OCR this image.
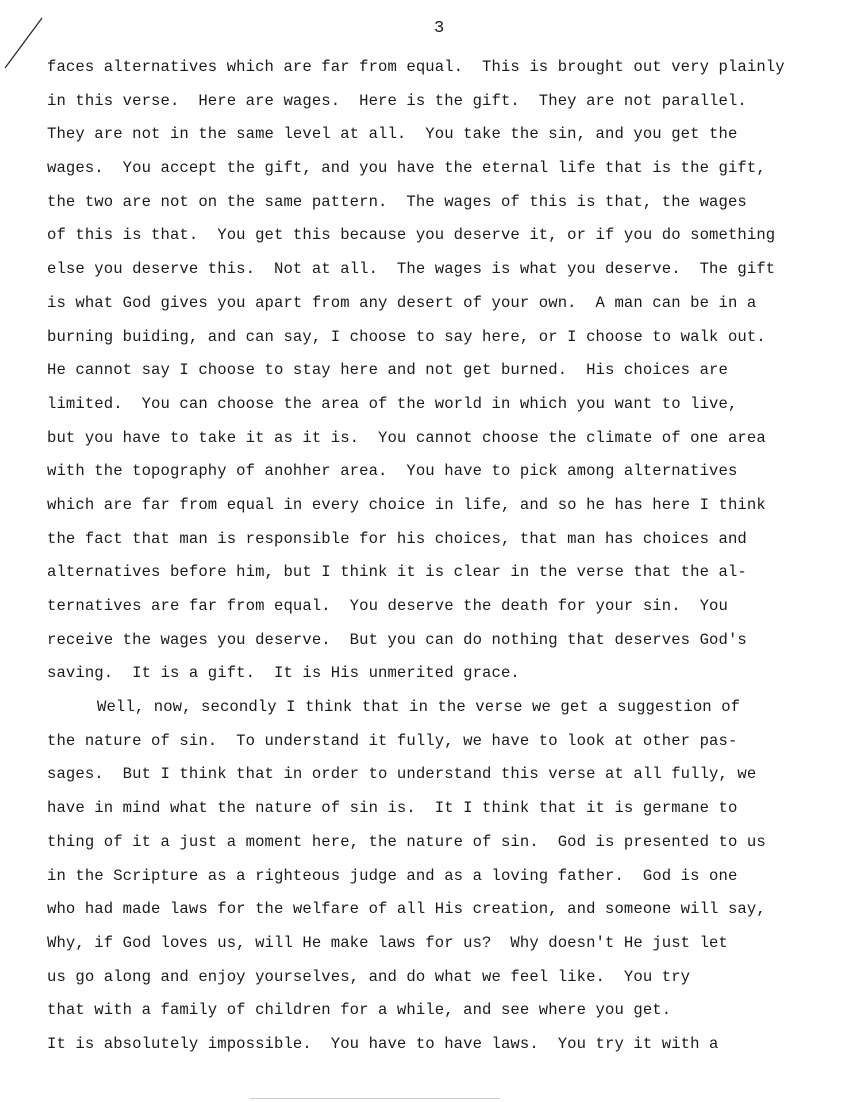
3
faces alternatives which are far from equal.  This is brought out very plainly
in this verse.  Here are wages.  Here is the gift.  They are not parallel.
They are not in the same level at all.  You take the sin, and you get the
wages.  You accept the gift, and you have the eternal life that is the gift,
the two are not on the same pattern.  The wages of this is that, the wages
of this is that.  You get this because you deserve it, or if you do something
else you deserve this.  Not at all.  The wages is what you deserve.  The gift
is what God gives you apart from any desert of your own.  A man can be in a
burning buiding, and can say, I choose to say here, or I choose to walk out.
He cannot say I choose to stay here and not get burned.  His choices are
limited.  You can choose the area of the world in which you want to live,
but you have to take it as it is.  You cannot choose the climate of one area
with the topography of anohher area.  You have to pick among alternatives
which are far from equal in every choice in life, and so he has here I think
the fact that man is responsible for his choices, that man has choices and
alternatives before him, but I think it is clear in the verse that the al-
ternatives are far from equal.  You deserve the death for your sin.  You
receive the wages you deserve.  But you can do nothing that deserves God's
saving.  It is a gift.  It is His unmerited grace.
Well, now, secondly I think that in the verse we get a suggestion of
the nature of sin.  To understand it fully, we have to look at other pas-
sages.  But I think that in order to understand this verse at all fully, we
have in mind what the nature of sin is.  It I think that it is germane to
thing of it a just a moment here, the nature of sin.  God is presented to us
in the Scripture as a righteous judge and as a loving father.  God is one
who had made laws for the welfare of all His creation, and someone will say,
Why, if God loves us, will He make laws for us?  Why doesn't He just let
us go along and enjoy yourselves, and do what we feel like.  You try
that with a family of children for a while, and see where you get.
It is absolutely impossible.  You have to have laws.  You try it with a
